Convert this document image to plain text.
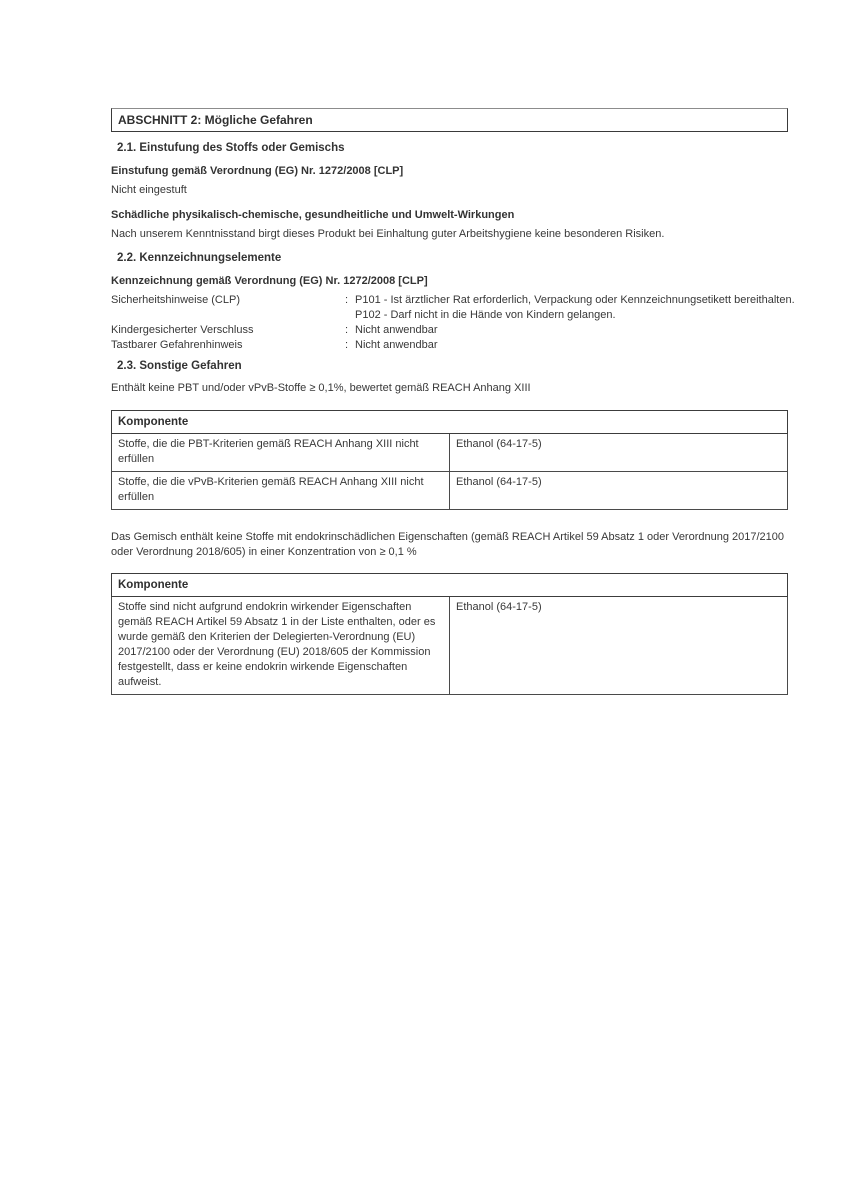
ABSCHNITT 2: Mögliche Gefahren
2.1. Einstufung des Stoffs oder Gemischs
Einstufung gemäß Verordnung (EG) Nr. 1272/2008 [CLP]
Nicht eingestuft
Schädliche physikalisch-chemische, gesundheitliche und Umwelt-Wirkungen
Nach unserem Kenntnisstand birgt dieses Produkt bei Einhaltung guter Arbeitshygiene keine besonderen Risiken.
2.2. Kennzeichnungselemente
Kennzeichnung gemäß Verordnung (EG) Nr. 1272/2008 [CLP]
Sicherheitshinweise (CLP)	: P101 - Ist ärztlicher Rat erforderlich, Verpackung oder Kennzeichnungsetikett bereithalten.
P102 - Darf nicht in die Hände von Kindern gelangen.
Kindergesicherter Verschluss	: Nicht anwendbar
Tastbarer Gefahrenhinweis	: Nicht anwendbar
2.3. Sonstige Gefahren
Enthält keine PBT und/oder vPvB-Stoffe ≥ 0,1%, bewertet gemäß REACH Anhang XIII
Komponente	
Stoffe, die die PBT-Kriterien gemäß REACH Anhang XIII nicht erfüllen	Ethanol (64-17-5)
Stoffe, die die vPvB-Kriterien gemäß REACH Anhang XIII nicht erfüllen	Ethanol (64-17-5)
Das Gemisch enthält keine Stoffe mit endokrinschädlichen Eigenschaften (gemäß REACH Artikel 59 Absatz 1 oder Verordnung 2017/2100 oder Verordnung 2018/605) in einer Konzentration von ≥ 0,1 %
Komponente
Stoffe sind nicht aufgrund endokrin wirkender Eigenschaften gemäß REACH Artikel 59 Absatz 1 in der Liste enthalten, oder es wurde gemäß den Kriterien der Delegierten-Verordnung (EU) 2017/2100 oder der Verordnung (EU) 2018/605 der Kommission festgestellt, dass er keine endokrin wirkende Eigenschaften aufweist.	Ethanol (64-17-5)
